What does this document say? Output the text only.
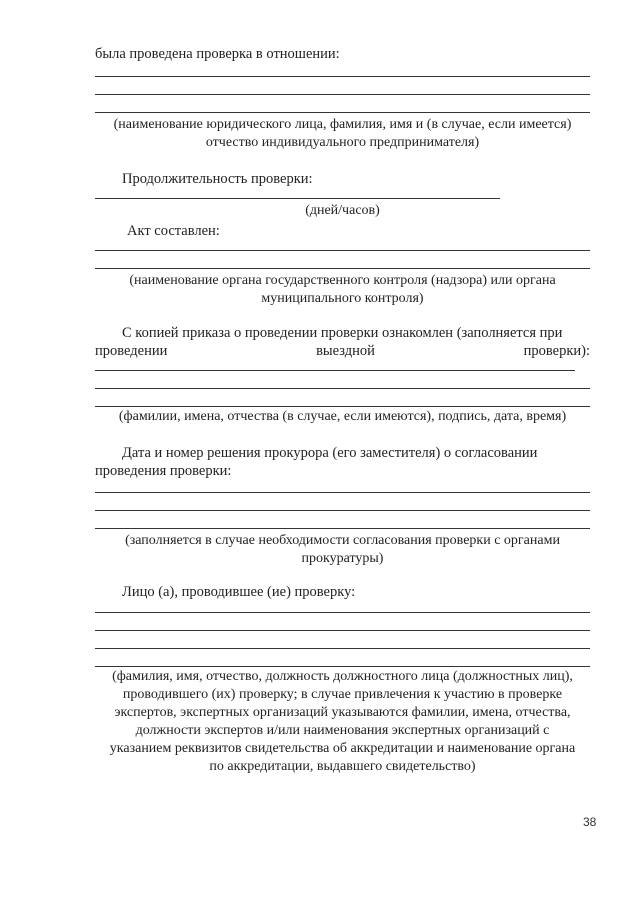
была проведена проверка в отношении:
(наименование юридического лица, фамилия, имя и (в случае, если имеется)
отчество индивидуального предпринимателя)
Продолжительность проверки:
(дней/часов)
Акт составлен:
(наименование органа государственного контроля (надзора) или органа
муниципального контроля)
С копией приказа о проведении проверки ознакомлен (заполняется при
проведении	выездной	проверки):
(фамилии, имена, отчества (в случае, если имеются), подпись, дата, время)
Дата и номер решения прокурора (его заместителя) о согласовании
проведения проверки:
(заполняется в случае необходимости согласования проверки с органами
прокуратуры)
Лицо (а), проводившее (ие) проверку:
(фамилия, имя, отчество, должность должностного лица (должностных лиц),
проводившего (их) проверку; в случае привлечения к участию в проверке
экспертов, экспертных организаций указываются фамилии, имена, отчества,
должности экспертов и/или наименования экспертных организаций с
указанием реквизитов свидетельства об аккредитации и наименование органа
по аккредитации, выдавшего свидетельство)
38
